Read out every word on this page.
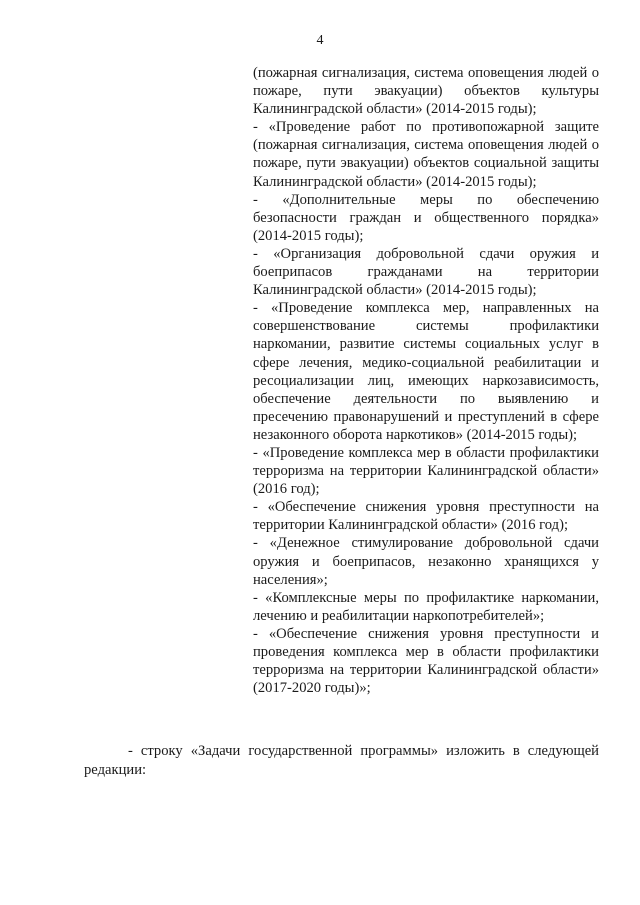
4
(пожарная сигнализация, система оповещения людей о пожаре, пути эвакуации) объектов культуры Калининградской области» (2014-2015 годы);
- «Проведение работ по противопожарной защите (пожарная сигнализация, система оповещения людей о пожаре, пути эвакуации) объектов социальной защиты Калининградской области» (2014-2015 годы);
- «Дополнительные меры по обеспечению безопасности граждан и общественного порядка» (2014-2015 годы);
- «Организация добровольной сдачи оружия и боеприпасов гражданами на территории Калининградской области» (2014-2015 годы);
- «Проведение комплекса мер, направленных на совершенствование системы профилактики наркомании, развитие системы социальных услуг в сфере лечения, медико-социальной реабилитации и ресоциализации лиц, имеющих наркозависимость, обеспечение деятельности по выявлению и пресечению правонарушений и преступлений в сфере незаконного оборота наркотиков» (2014-2015 годы);
- «Проведение комплекса мер в области профилактики терроризма на территории Калининградской области» (2016 год);
- «Обеспечение снижения уровня преступности на территории Калининградской области» (2016 год);
- «Денежное стимулирование добровольной сдачи оружия и боеприпасов, незаконно хранящихся у населения»;
- «Комплексные меры по профилактике наркомании, лечению и реабилитации наркопотребителей»;
- «Обеспечение снижения уровня преступности и проведения комплекса мер в области профилактики терроризма на территории Калининградской области» (2017-2020 годы)»;

- строку «Задачи государственной программы» изложить в следующей редакции:
